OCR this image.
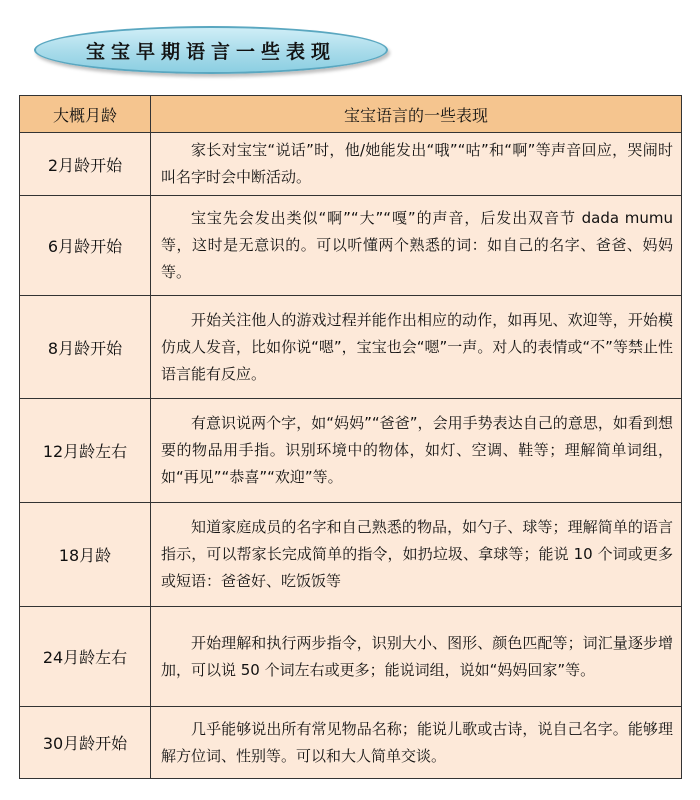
宝宝早期语言一些表现
大概月龄	宝宝语言的一些表现
2月龄开始	家长对宝宝“说话”时，他/她能发出“哦”“咕”和“啊”等声音回应，哭闹时叫名字时会中断活动。

6月龄开始	宝宝先会发出类似“啊”“大”“嘎”的声音，后发出双音节 dada mumu 等，这时是无意识的。可以听懂两个熟悉的词：如自己的名字、爸爸、妈妈等。

8月龄开始	开始关注他人的游戏过程并能作出相应的动作，如再见、欢迎等，开始模仿成人发音，比如你说“嗯”，宝宝也会“嗯”一声。对人的表情或“不”等禁止性语言能有反应。

12月龄左右	有意识说两个字，如“妈妈”“爸爸”，会用手势表达自己的意思，如看到想要的物品用手指。识别环境中的物体，如灯、空调、鞋等；理解简单词组，如“再见”“恭喜”“欢迎”等。

18月龄	知道家庭成员的名字和自己熟悉的物品，如勺子、球等；理解简单的语言指示，可以帮家长完成简单的指令，如扔垃圾、拿球等；能说 10 个词或更多或短语：爸爸好、吃饭饭等

24月龄左右	开始理解和执行两步指令，识别大小、图形、颜色匹配等；词汇量逐步增加，可以说 50 个词左右或更多；能说词组，说如“妈妈回家”等。

30月龄开始	几乎能够说出所有常见物品名称；能说儿歌或古诗，说自己名字。能够理解方位词、性别等。可以和大人简单交谈。
